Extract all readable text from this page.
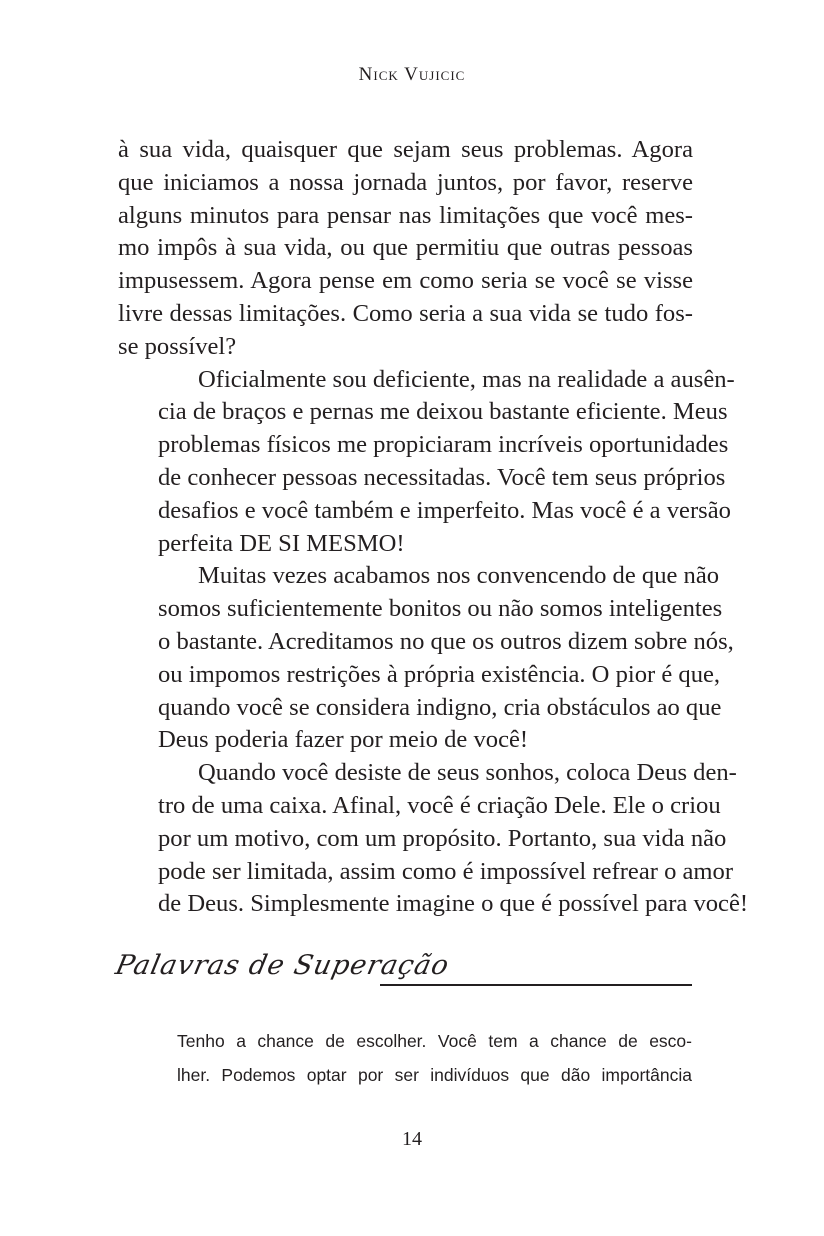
Nick Vujicic

à sua vida, quaisquer que sejam seus problemas. Agora
que iniciamos a nossa jornada juntos, por favor, reserve
alguns minutos para pensar nas limitações que você mes-
mo impôs à sua vida, ou que permitiu que outras pessoas
impusessem. Agora pense em como seria se você se visse
livre dessas limitações. Como seria a sua vida se tudo fos-
se possível?

Oficialmente sou deficiente, mas na realidade a ausên-
cia de braços e pernas me deixou bastante eficiente. Meus
problemas físicos me propiciaram incríveis oportunidades
de conhecer pessoas necessitadas. Você tem seus próprios
desafios e você também e imperfeito. Mas você é a versão
perfeita DE SI MESMO!

Muitas vezes acabamos nos convencendo de que não
somos suficientemente bonitos ou não somos inteligentes
o bastante. Acreditamos no que os outros dizem sobre nós,
ou impomos restrições à própria existência. O pior é que,
quando você se considera indigno, cria obstáculos ao que
Deus poderia fazer por meio de você!

Quando você desiste de seus sonhos, coloca Deus den-
tro de uma caixa. Afinal, você é criação Dele. Ele o criou
por um motivo, com um propósito. Portanto, sua vida não
pode ser limitada, assim como é impossível refrear o amor
de Deus. Simplesmente imagine o que é possível para você!

Palavras de Superação
Tenho a chance de escolher. Você tem a chance de esco-
lher. Podemos optar por ser indivíduos que dão importância
14
